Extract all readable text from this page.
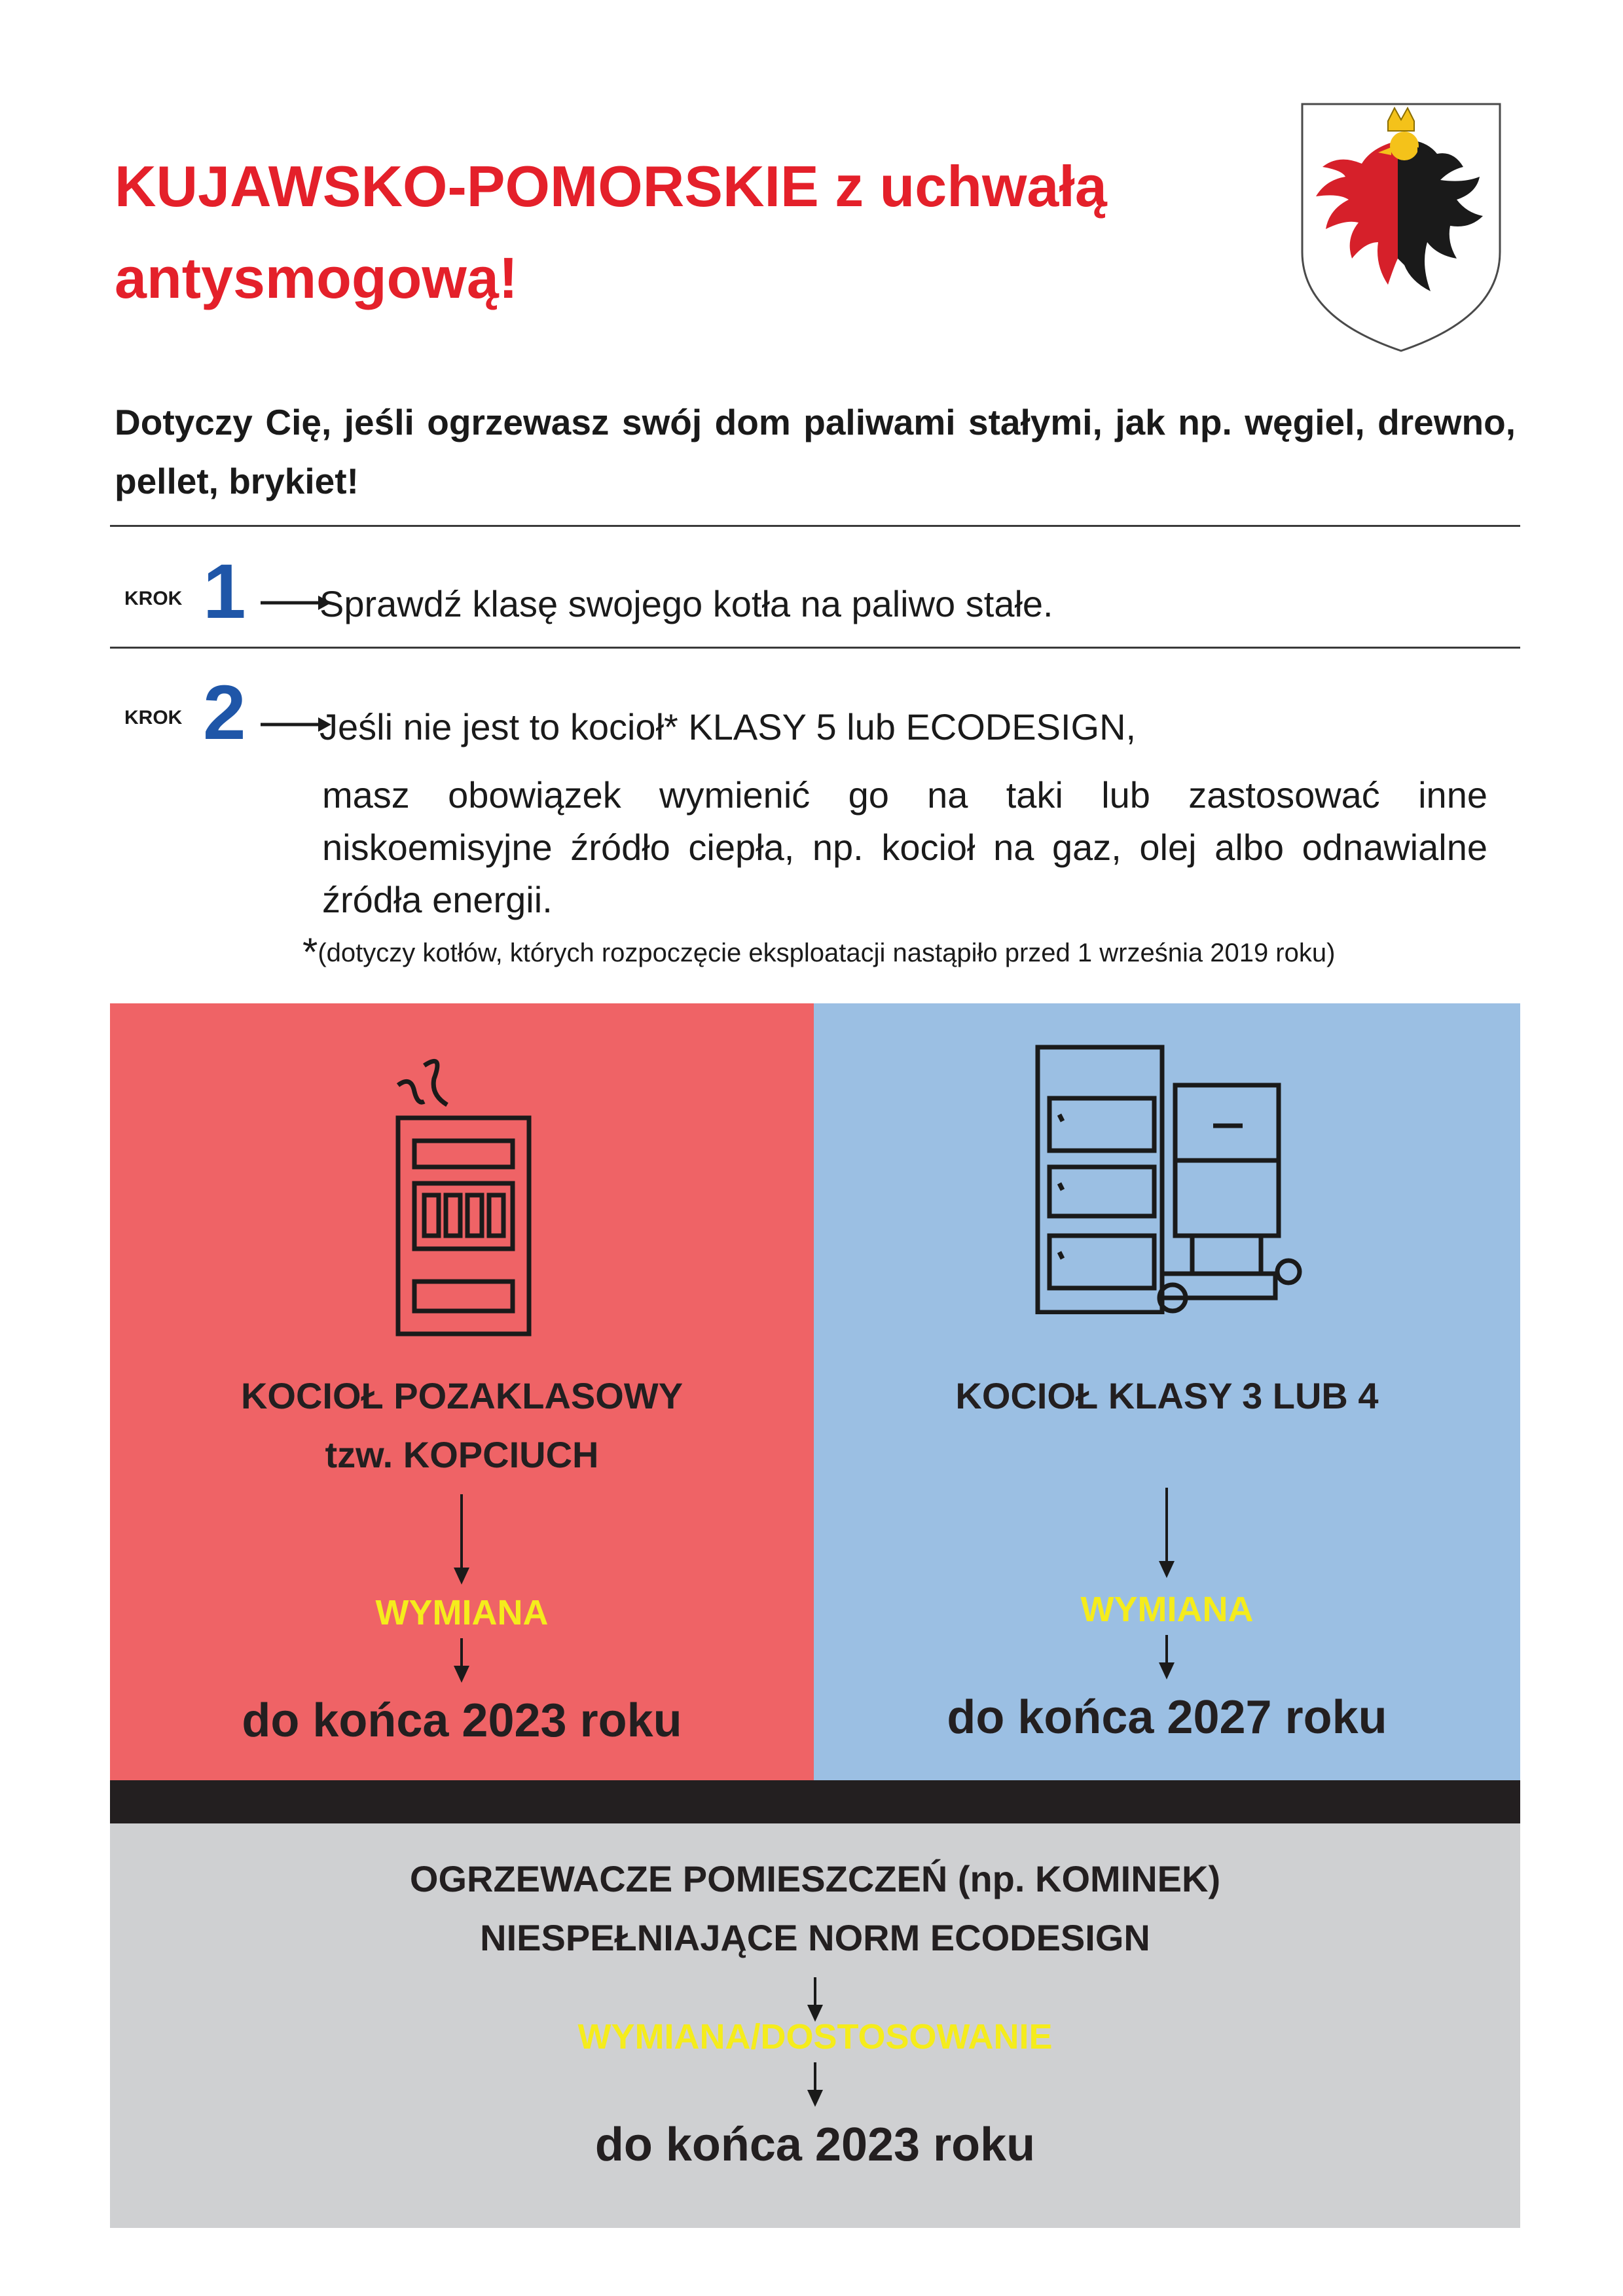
KUJAWSKO-POMORSKIE z uchwałą
antysmogową!
Dotyczy Cię, jeśli ogrzewasz swój dom paliwami stałymi, jak np. węgiel, drewno, pellet, brykiet!
KROK 1 Sprawdź klasę swojego kotła na paliwo stałe.
KROK 2 Jeśli nie jest to kocioł* KLASY 5 lub ECODESIGN,
masz obowiązek wymienić go na taki lub zastosować inne niskoemisyjne źródło ciepła, np. kocioł na gaz, olej albo odnawialne źródła energii.
*(dotyczy kotłów, których rozpoczęcie eksploatacji nastąpiło przed 1 września 2019 roku)
KOCIOŁ POZAKLASOWY
tzw. KOPCIUCH
WYMIANA
do końca 2023 roku
KOCIOŁ KLASY 3 LUB 4
WYMIANA
do końca 2027 roku
OGRZEWACZE POMIESZCZEŃ (np. KOMINEK)
NIESPEŁNIAJĄCE NORM ECODESIGN
WYMIANA/DOSTOSOWANIE
do końca 2023 roku
